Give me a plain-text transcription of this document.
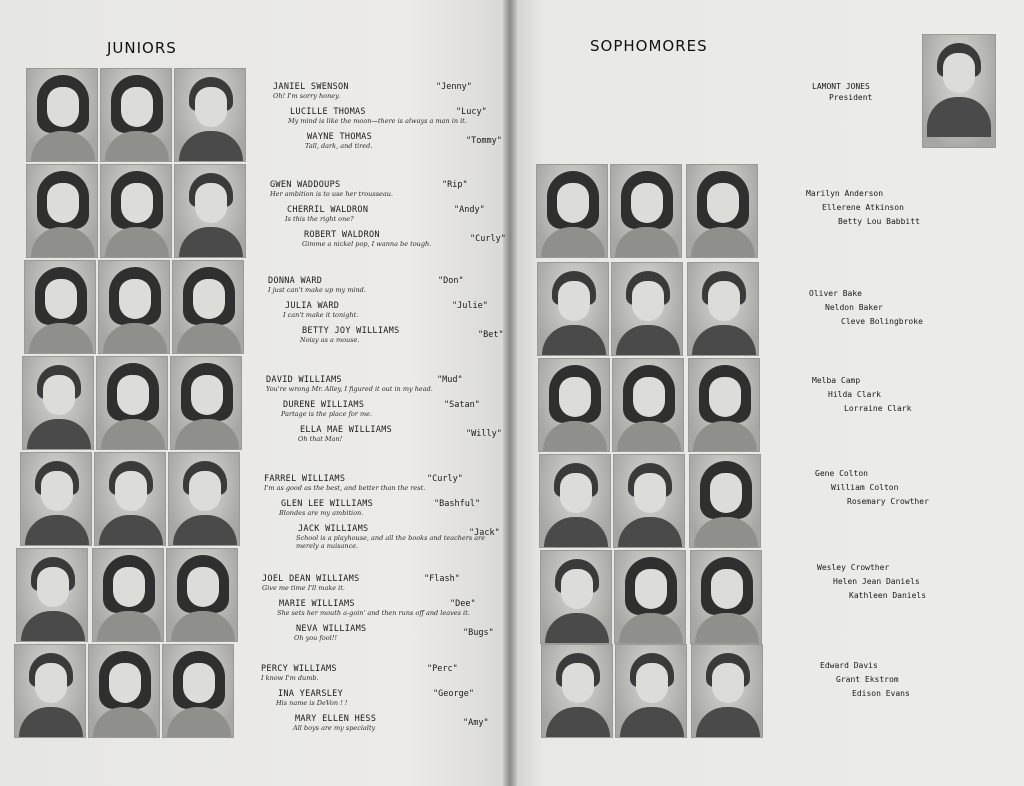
JUNIORS	SOPHOMORES
LAMONT JONES
President
JANIEL SWENSON	"Jenny"
Oh! I'm sorry honey.
LUCILLE THOMAS	"Lucy"
My mind is like the moon—there is always a man in it.
WAYNE THOMAS	"Tommy"
Tall, dark, and tired.
GWEN WADDOUPS	"Rip"
Her ambition is to use her trousseau.
CHERRIL WALDRON	"Andy"
Is this the right one?
ROBERT WALDRON	"Curly"
Gimme a nickel pop, I wanna be tough.
DONNA WARD	"Don"
I just can't make up my mind.
JULIA WARD	"Julie"
I can't make it tonight.
BETTY JOY WILLIAMS	"Bet"
Noisy as a mouse.
DAVID WILLIAMS	"Mud"
You're wrong Mr. Alley, I figured it out in my head.
DURENE WILLIAMS	"Satan"
Partage is the place for me.
ELLA MAE WILLIAMS	"Willy"
Oh that Man!
FARREL WILLIAMS	"Curly"
I'm as good as the best, and better than the rest.
GLEN LEE WILLIAMS	"Bashful"
Blondes are my ambition.
JACK WILLIAMS	"Jack"
School is a playhouse, and all the books and teachers are merely a nuisance.
JOEL DEAN WILLIAMS	"Flash"
Give me time I'll make it.
MARIE WILLIAMS	"Dee"
She sets her mouth a-goin' and then runs off and leaves it.
NEVA WILLIAMS	"Bugs"
Oh you fool!!
PERCY WILLIAMS	"Perc"
I know I'm dumb.
INA YEARSLEY	"George"
His name is DeVon ! !
MARY ELLEN HESS	"Amy"
All boys are my specialty
Marilyn Anderson
Ellerene Atkinson
Betty Lou Babbitt
Oliver Bake
Neldon Baker
Cleve Bolingbroke
Melba Camp
Hilda Clark
Lorraine Clark
Gene Colton
William Colton
Rosemary Crowther
Wesley Crowther
Helen Jean Daniels
Kathleen Daniels
Edward Davis
Grant Ekstrom
Edison Evans
